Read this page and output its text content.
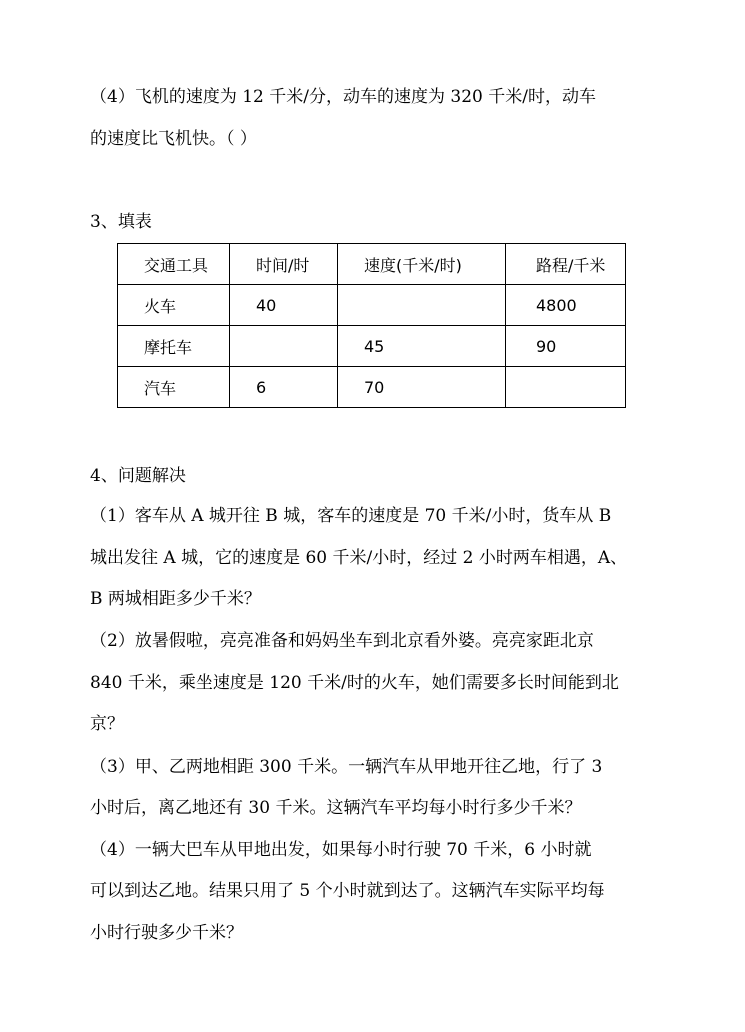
（4）飞机的速度为 12 千米/分，动车的速度为 320 千米/时，动车
的速度比飞机快。（ ）
3、填表
交通工具	时间/时	速度(千米/时)	路程/千米
火车	40		4800
摩托车		45	90
汽车	6	70	
4、问题解决
（1）客车从 A 城开往 B 城，客车的速度是 70 千米/小时，货车从 B
城出发往 A 城，它的速度是 60 千米/小时，经过 2 小时两车相遇，A、
B 两城相距多少千米？
（2）放暑假啦，亮亮准备和妈妈坐车到北京看外婆。亮亮家距北京
840 千米，乘坐速度是 120 千米/时的火车，她们需要多长时间能到北
京？
（3）甲、乙两地相距 300 千米。一辆汽车从甲地开往乙地，行了 3
小时后，离乙地还有 30 千米。这辆汽车平均每小时行多少千米？
（4）一辆大巴车从甲地出发，如果每小时行驶 70 千米，6 小时就
可以到达乙地。结果只用了 5 个小时就到达了。这辆汽车实际平均每
小时行驶多少千米？
